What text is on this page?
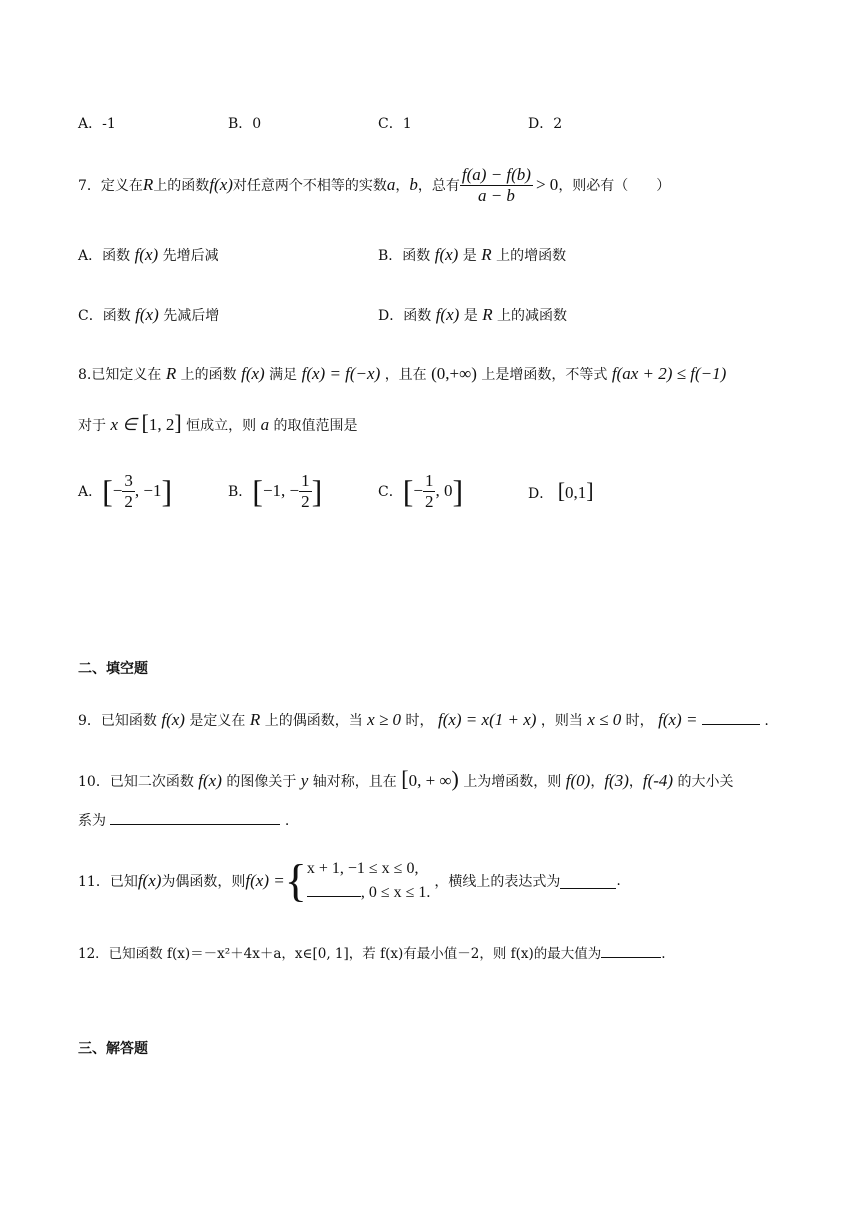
A．-1	B．0	C．1	D．2
7．定义在 R 上的函数 f(x) 对任意两个不相等的实数 a ， b ，总有 $\frac{f(a) - f(b)}{a - b} > 0$ ，则必有（　　）
A．函数 f(x) 先增后减	B．函数 f(x) 是 R 上的增函数
C．函数 f(x) 先减后增	D．函数 f(x) 是 R 上的减函数
8.已知定义在 R 上的函数 f(x) 满足 f(x) = f(−x) ，且在 (0,+∞) 上是增函数，不等式 f(ax + 2) ≤ f(−1)
对于 x ∈ [1, 2] 恒成立，则 a 的取值范围是
A． [ − $\frac{3}{2}$ , −1 ]	B． [ −1, − $\frac{1}{2}$ ]	C． [ − $\frac{1}{2}$ , 0 ]	D． [0,1]
二、填空题
9．已知函数 f(x) 是定义在 R 上的偶函数，当 x ≥ 0 时， f(x) = x(1 + x) ，则当 x ≤ 0 时， f(x) =	.
10．已知二次函数 f(x) 的图像关于 y 轴对称，且在 [0, + ∞) 上为增函数，则 f(0)，f(3)，f(-4) 的大小关
系为	.
11．已知 f(x) 为偶函数，则 f(x) = { x + 1, −1 ≤ x ≤ 0,
, 0 ≤ x ≤ 1.
，横线上的表达式为	.
12．已知函数 f(x)＝－x²＋4x＋a，x∈[0, 1]，若 f(x)有最小值－2，则 f(x)的最大值为	.
三、解答题
